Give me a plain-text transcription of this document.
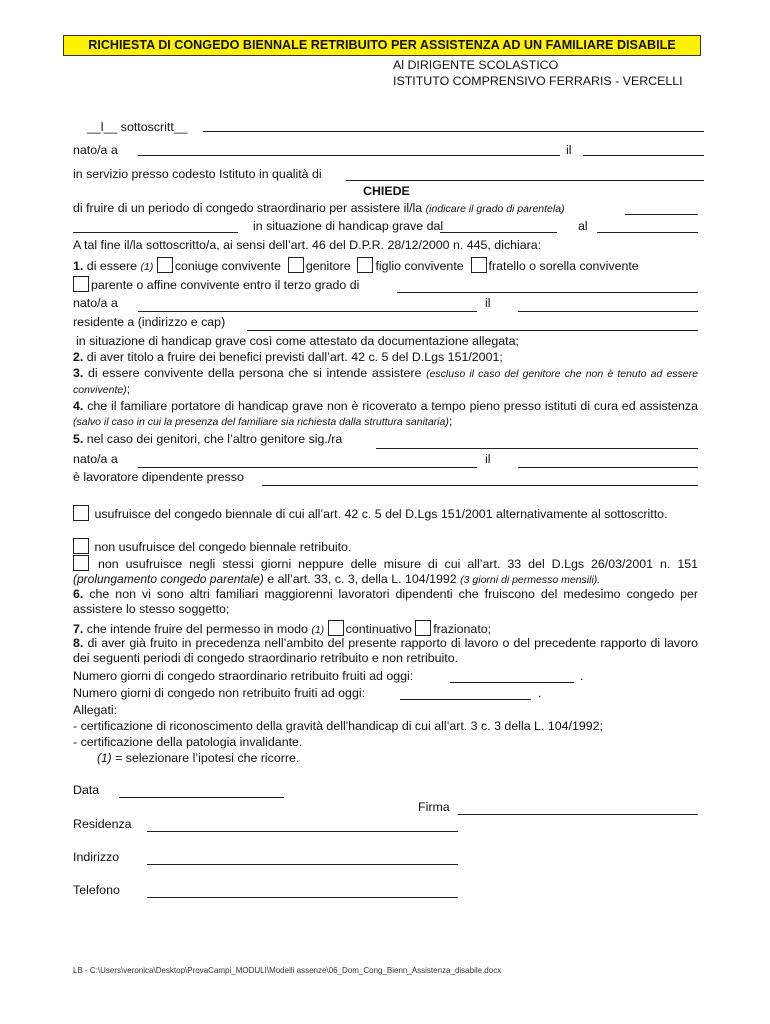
RICHIESTA DI CONGEDO BIENNALE RETRIBUITO PER ASSISTENZA AD UN FAMILIARE DISABILE
Al DIRIGENTE SCOLASTICO
ISTITUTO COMPRENSIVO FERRARIS - VERCELLI
__l__ sottoscritt__
nato/a a	il
in servizio presso codesto Istituto in qualità di
CHIEDE
di fruire di un periodo di congedo straordinario per assistere il/la (indicare il grado di parentela)
in situazione di handicap grave dal	al
A tal fine il/la sottoscritto/a, ai sensi dell’art. 46 del D.P.R. 28/12/2000 n. 445, dichiara:
1. di essere (1) coniuge convivente genitore figlio convivente fratello o sorella convivente
parente o affine convivente entro il terzo grado di
nato/a a	il
residente a (indirizzo e cap)
in situazione di handicap grave così come attestato da documentazione allegata;
2. di aver titolo a fruire dei benefici previsti dall’art. 42 c. 5 del D.Lgs 151/2001;
3. di essere convivente della persona che si intende assistere (escluso il caso del genitore che non è tenuto ad essere convivente);
4. che il familiare portatore di handicap grave non è ricoverato a tempo pieno presso istituti di cura ed assistenza (salvo il caso in cui la presenza del familiare sia richiesta dalla struttura sanitaria);
5. nel caso dei genitori, che l’altro genitore sig./ra
nato/a a	il
è lavoratore dipendente presso
usufruisce del congedo biennale di cui all’art. 42 c. 5 del D.Lgs 151/2001 alternativamente al sottoscritto.
non usufruisce del congedo biennale retribuito.
non usufruisce negli stessi giorni neppure delle misure di cui all’art. 33 del D.Lgs 26/03/2001 n. 151 (prolungamento congedo parentale) e all’art. 33, c. 3, della L. 104/1992 (3 giorni di permesso mensili).
6. che non vi sono altri familiari maggiorenni lavoratori dipendenti che fruiscono del medesimo congedo per assistere lo stesso soggetto;
7. che intende fruire del permesso in modo (1) continuativo frazionato;
8. di aver già fruito in precedenza nell’ambito del presente rapporto di lavoro o del precedente rapporto di lavoro dei seguenti periodi di congedo straordinario retribuito e non retribuito.
Numero giorni di congedo straordinario retribuito fruiti ad oggi:	.
Numero giorni di congedo non retribuito fruiti ad oggi:	.
Allegati:
- certificazione di riconoscimento della gravità dell'handicap di cui all’art. 3 c. 3 della L. 104/1992;
- certificazione della patologia invalidante.
(1) = selezionare l’ipotesi che ricorre.
Data
Firma
Residenza
Indirizzo
Telefono
LB - C:\Users\veronica\Desktop\ProvaCampi_MODULI\Modelli assenze\06_Dom_Cong_Bienn_Assistenza_disabile.docx
